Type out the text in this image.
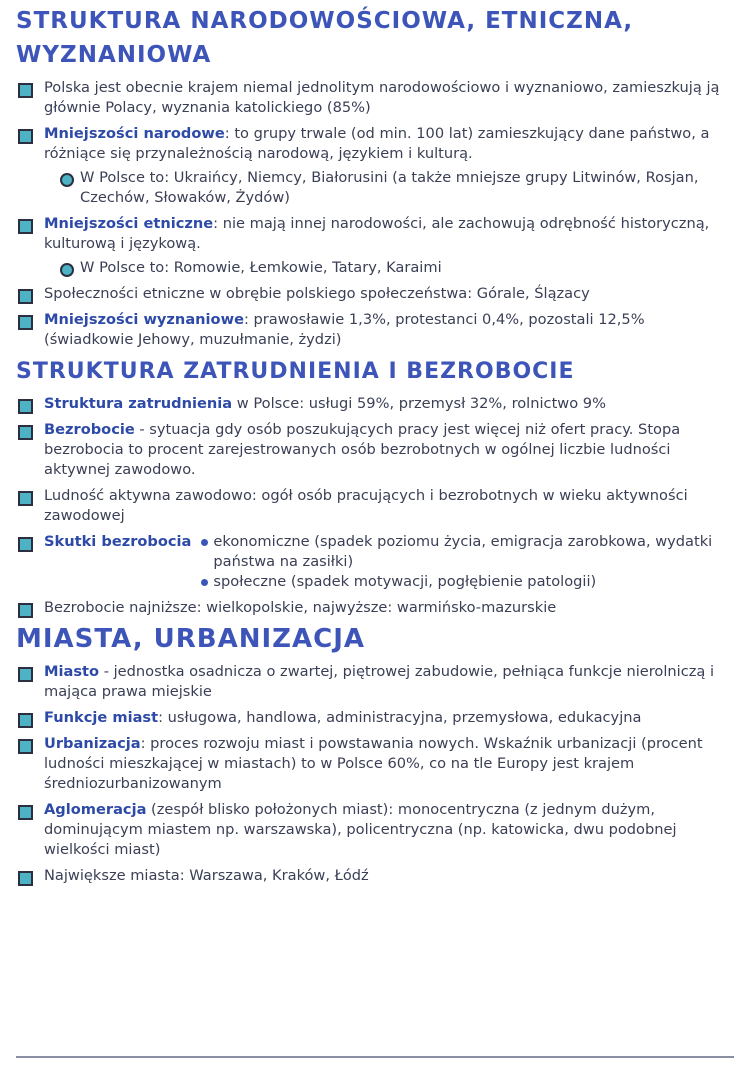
STRUKTURA NARODOWOŚCIOWA, ETNICZNA, WYZNANIOWA
Polska jest obecnie krajem niemal jednolitym narodowościowo i wyznaniowo, zamieszkują ją głównie Polacy, wyznania katolickiego (85%)
Mniejszości narodowe: to grupy trwale (od min. 100 lat) zamieszkujący dane państwo, a różniące się przynależnością narodową, językiem i kulturą.
W Polsce to: Ukraińcy, Niemcy, Białorusini (a także mniejsze grupy Litwinów, Rosjan, Czechów, Słowaków, Żydów)
Mniejszości etniczne: nie mają innej narodowości, ale zachowują odrębność historyczną, kulturową i językową.
W Polsce to: Romowie, Łemkowie, Tatary, Karaimi
Społeczności etniczne w obrębie polskiego społeczeństwa: Górale, Ślązacy
Mniejszości wyznaniowe: prawosławie 1,3%, protestanci 0,4%, pozostali 12,5% (świadkowie Jehowy, muzułmanie, żydzi)
STRUKTURA ZATRUDNIENIA I BEZROBOCIE
Struktura zatrudnienia w Polsce: usługi 59%, przemysł 32%, rolnictwo 9%
Bezrobocie - sytuacja gdy osób poszukujących pracy jest więcej niż ofert pracy. Stopa bezrobocia to procent zarejestrowanych osób bezrobotnych w ogólnej liczbie ludności aktywnej zawodowo.
Ludność aktywna zawodowo: ogół osób pracujących i bezrobotnych w wieku aktywności zawodowej
Skutki bezrobocia	ekonomiczne (spadek poziomu życia, emigracja zarobkowa, wydatki państwa na zasiłki)
społeczne (spadek motywacji, pogłębienie patologii)
Bezrobocie najniższe: wielkopolskie, najwyższe: warmińsko-mazurskie
MIASTA, URBANIZACJA
Miasto - jednostka osadnicza o zwartej, piętrowej zabudowie, pełniąca funkcje nierolniczą i mająca prawa miejskie
Funkcje miast: usługowa, handlowa, administracyjna, przemysłowa, edukacyjna
Urbanizacja: proces rozwoju miast i powstawania nowych. Wskaźnik urbanizacji (procent ludności mieszkającej w miastach) to w Polsce 60%, co na tle Europy jest krajem średniozurbanizowanym
Aglomeracja (zespół blisko położonych miast): monocentryczna (z jednym dużym, dominującym miastem np. warszawska), policentryczna (np. katowicka, dwu podobnej wielkości miast)
Największe miasta: Warszawa, Kraków, Łódź
